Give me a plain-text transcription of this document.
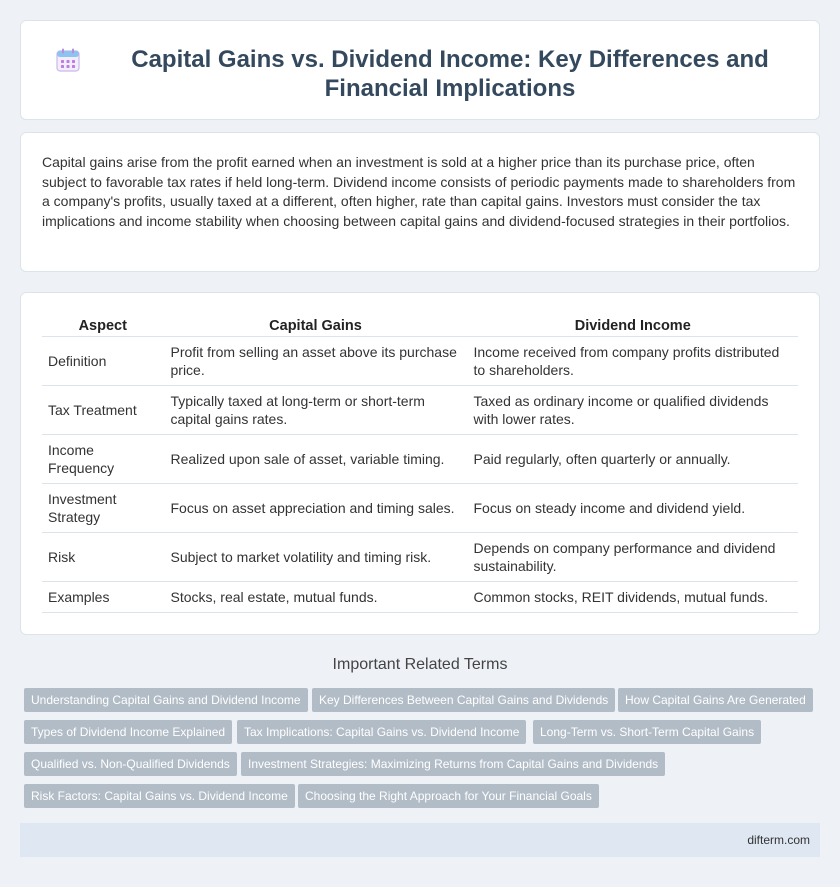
Capital Gains vs. Dividend Income: Key Differences and Financial Implications

Capital gains arise from the profit earned when an investment is sold at a higher price than its purchase price, often subject to favorable tax rates if held long-term. Dividend income consists of periodic payments made to shareholders from a company's profits, usually taxed at a different, often higher, rate than capital gains. Investors must consider the tax implications and income stability when choosing between capital gains and dividend-focused strategies in their portfolios.

Aspect	Capital Gains	Dividend Income
Definition	Profit from selling an asset above its purchase price.	Income received from company profits distributed to shareholders.
Tax Treatment	Typically taxed at long-term or short-term capital gains rates.	Taxed as ordinary income or qualified dividends with lower rates.
Income Frequency	Realized upon sale of asset, variable timing.	Paid regularly, often quarterly or annually.
Investment Strategy	Focus on asset appreciation and timing sales.	Focus on steady income and dividend yield.
Risk	Subject to market volatility and timing risk.	Depends on company performance and dividend sustainability.
Examples	Stocks, real estate, mutual funds.	Common stocks, REIT dividends, mutual funds.
Important Related Terms
Understanding Capital Gains and Dividend Income	Key Differences Between Capital Gains and Dividends	How Capital Gains Are Generated
Types of Dividend Income Explained	Tax Implications: Capital Gains vs. Dividend Income	Long-Term vs. Short-Term Capital Gains
Qualified vs. Non-Qualified Dividends	Investment Strategies: Maximizing Returns from Capital Gains and Dividends
Risk Factors: Capital Gains vs. Dividend Income	Choosing the Right Approach for Your Financial Goals
difterm.com
